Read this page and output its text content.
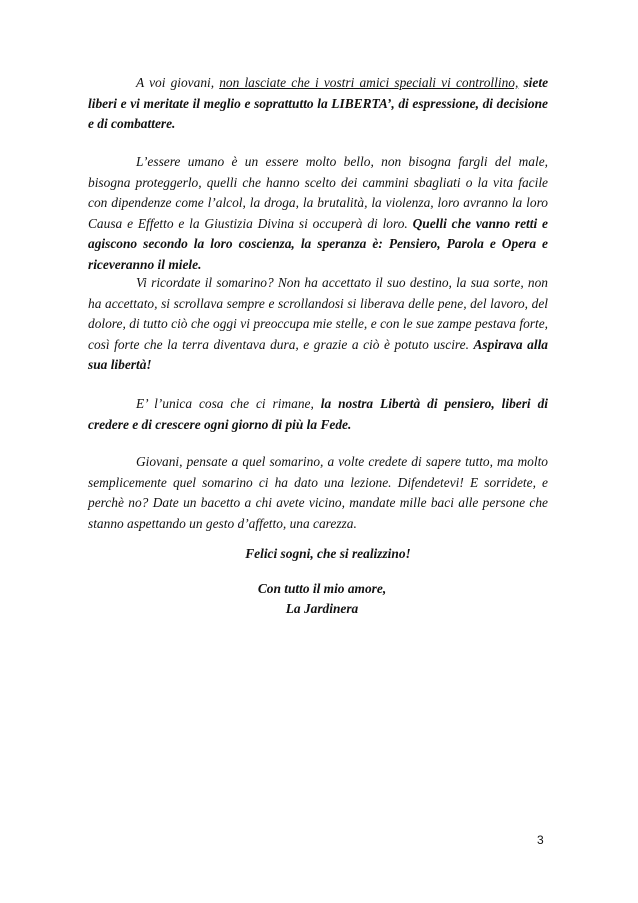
A voi giovani, non lasciate che i vostri amici speciali vi controllino, siete liberi e vi meritate il meglio e soprattutto la LIBERTA’, di espressione, di decisione e di combattere.

L’essere umano è un essere molto bello, non bisogna fargli del male, bisogna proteggerlo, quelli che hanno scelto dei cammini sbagliati o la vita facile con dipendenze come l’alcol, la droga, la brutalità, la violenza, loro avranno la loro Causa e Effetto e la Giustizia Divina si occuperà di loro. Quelli che vanno retti e agiscono secondo la loro coscienza, la speranza è: Pensiero, Parola e Opera e riceveranno il miele.

Vi ricordate il somarino? Non ha accettato il suo destino, la sua sorte, non ha accettato, si scrollava sempre e scrollandosi si liberava delle pene, del lavoro, del dolore, di tutto ciò che oggi vi preoccupa mie stelle, e con le sue zampe pestava forte, così forte che la terra diventava dura, e grazie a ciò è potuto uscire. Aspirava alla sua libertà!

E’ l’unica cosa che ci rimane, la nostra Libertà di pensiero, liberi di credere e di crescere ogni giorno di più la Fede.

Giovani, pensate a quel somarino, a volte credete di sapere tutto, ma molto semplicemente quel somarino ci ha dato una lezione. Difendetevi! E sorridete, e perchè no? Date un bacetto a chi avete vicino, mandate mille baci alle persone che stanno aspettando un gesto d’affetto, una carezza.

Felici sogni, che si realizzino!

Con tutto il mio amore,

La Jardinera

3
